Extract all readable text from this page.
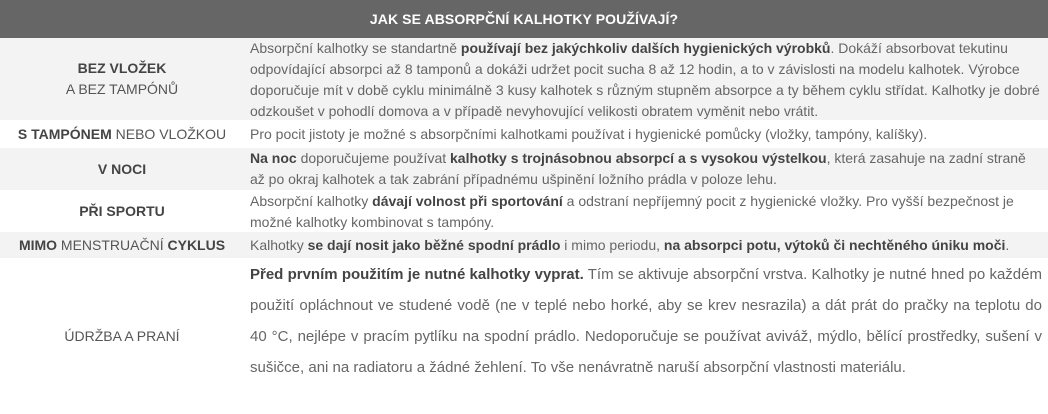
JAK SE ABSORPČNÍ KALHOTKY POUŽÍVAJÍ?
BEZ VLOŽEK
A BEZ TAMPÓNŮ
Absorpční kalhotky se standartně používají bez jakýchkoliv dalších hygienických výrobků. Dokáží absorbovat tekutinu odpovídající absorpci až 8 tamponů a dokáži udržet pocit sucha 8 až 12 hodin, a to v závislosti na modelu kalhotek. Výrobce doporučuje mít v době cyklu minimálně 3 kusy kalhotek s různým stupněm absorpce a ty během cyklu střídat. Kalhotky je dobré odzkoušet v pohodlí domova a v případě nevyhovující velikosti obratem vyměnit nebo vrátit.
S TAMPÓNEM NEBO VLOŽKOU	Pro pocit jistoty je možné s absorpčními kalhotkami používat i hygienické pomůcky (vložky, tampóny, kalíšky).
V NOCI
Na noc doporučujeme používat kalhotky s trojnásobnou absorpcí a s vysokou výstelkou, která zasahuje na zadní straně až po okraj kalhotek a tak zabrání případnému ušpinění ložního prádla v poloze lehu.
PŘI SPORTU
Absorpční kalhotky dávají volnost při sportování a odstraní nepříjemný pocit z hygienické vložky. Pro vyšší bezpečnost je možné kalhotky kombinovat s tampóny.
MIMO MENSTRUAČNÍ CYKLUS	Kalhotky se dají nosit jako běžné spodní prádlo i mimo periodu, na absorpci potu, výtoků či nechtěného úniku moči.
ÚDRŽBA A PRANÍ
Před prvním použitím je nutné kalhotky vyprat. Tím se aktivuje absorpční vrstva. Kalhotky je nutné hned po každém použití opláchnout ve studené vodě (ne v teplé nebo horké, aby se krev nesrazila) a dát prát do pračky na teplotu do 40 °C, nejlépe v pracím pytlíku na spodní prádlo. Nedoporučuje se používat aviváž, mýdlo, bělící prostředky, sušení v sušičce, ani na radiatoru a žádné žehlení. To vše nenávratně naruší absorpční vlastnosti materiálu.
